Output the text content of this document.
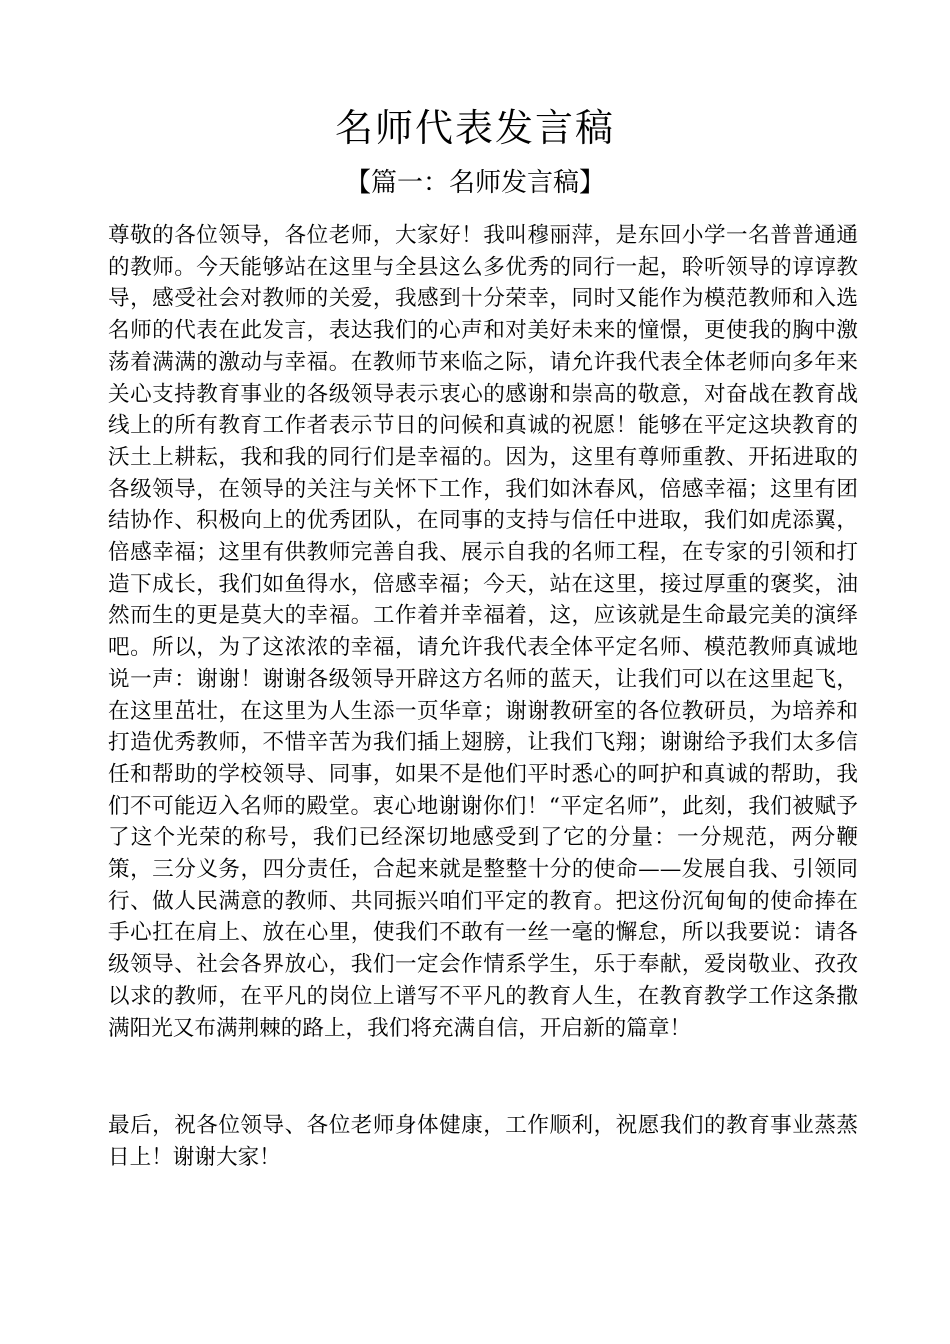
名师代表发言稿
【篇一：名师发言稿】

尊敬的各位领导，各位老师，大家好！我叫穆丽萍，是东回小学一名普普通通的教师。今天能够站在这里与全县这么多优秀的同行一起，聆听领导的谆谆教导，感受社会对教师的关爱，我感到十分荣幸，同时又能作为模范教师和入选名师的代表在此发言，表达我们的心声和对美好未来的憧憬，更使我的胸中激荡着满满的激动与幸福。在教师节来临之际，请允许我代表全体老师向多年来关心支持教育事业的各级领导表示衷心的感谢和崇高的敬意，对奋战在教育战线上的所有教育工作者表示节日的问候和真诚的祝愿！能够在平定这块教育的沃土上耕耘，我和我的同行们是幸福的。因为，这里有尊师重教、开拓进取的各级领导，在领导的关注与关怀下工作，我们如沐春风，倍感幸福；这里有团结协作、积极向上的优秀团队，在同事的支持与信任中进取，我们如虎添翼，倍感幸福；这里有供教师完善自我、展示自我的名师工程，在专家的引领和打造下成长，我们如鱼得水，倍感幸福；今天，站在这里，接过厚重的褒奖，油然而生的更是莫大的幸福。工作着并幸福着，这，应该就是生命最完美的演绎吧。所以，为了这浓浓的幸福，请允许我代表全体平定名师、模范教师真诚地说一声：谢谢！谢谢各级领导开辟这方名师的蓝天，让我们可以在这里起飞，在这里茁壮，在这里为人生添一页华章；谢谢教研室的各位教研员，为培养和打造优秀教师，不惜辛苦为我们插上翅膀，让我们飞翔；谢谢给予我们太多信任和帮助的学校领导、同事，如果不是他们平时悉心的呵护和真诚的帮助，我们不可能迈入名师的殿堂。衷心地谢谢你们！“平定名师”，此刻，我们被赋予了这个光荣的称号，我们已经深切地感受到了它的分量：一分规范，两分鞭策，三分义务，四分责任，合起来就是整整十分的使命——发展自我、引领同行、做人民满意的教师、共同振兴咱们平定的教育。把这份沉甸甸的使命捧在手心扛在肩上、放在心里，使我们不敢有一丝一毫的懈怠，所以我要说：请各级领导、社会各界放心，我们一定会作情系学生，乐于奉献，爱岗敬业、孜孜以求的教师，在平凡的岗位上谱写不平凡的教育人生，在教育教学工作这条撒满阳光又布满荆棘的路上，我们将充满自信，开启新的篇章！

最后，祝各位领导、各位老师身体健康，工作顺利，祝愿我们的教育事业蒸蒸日上！谢谢大家！
